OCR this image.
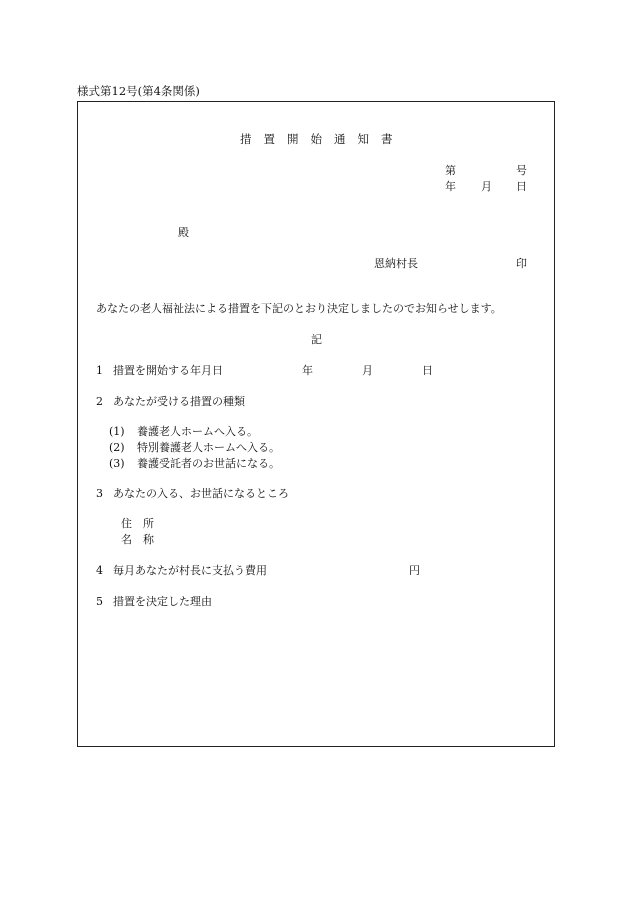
様式第12号(第4条関係)
措 置 開 始 通 知 書
第	号
年 月 日
殿
恩納村長	印
あなたの老人福祉法による措置を下記のとおり決定しましたのでお知らせします。
記
1 措置を開始する年月日	年	月	日
2 あなたが受ける措置の種類
(1) 養護老人ホームへ入る。
(2) 特別養護老人ホームへ入る。
(3) 養護受託者のお世話になる。
3 あなたの入る、お世話になるところ
住　所
名　称
4 毎月あなたが村長に支払う費用	円
5 措置を決定した理由
